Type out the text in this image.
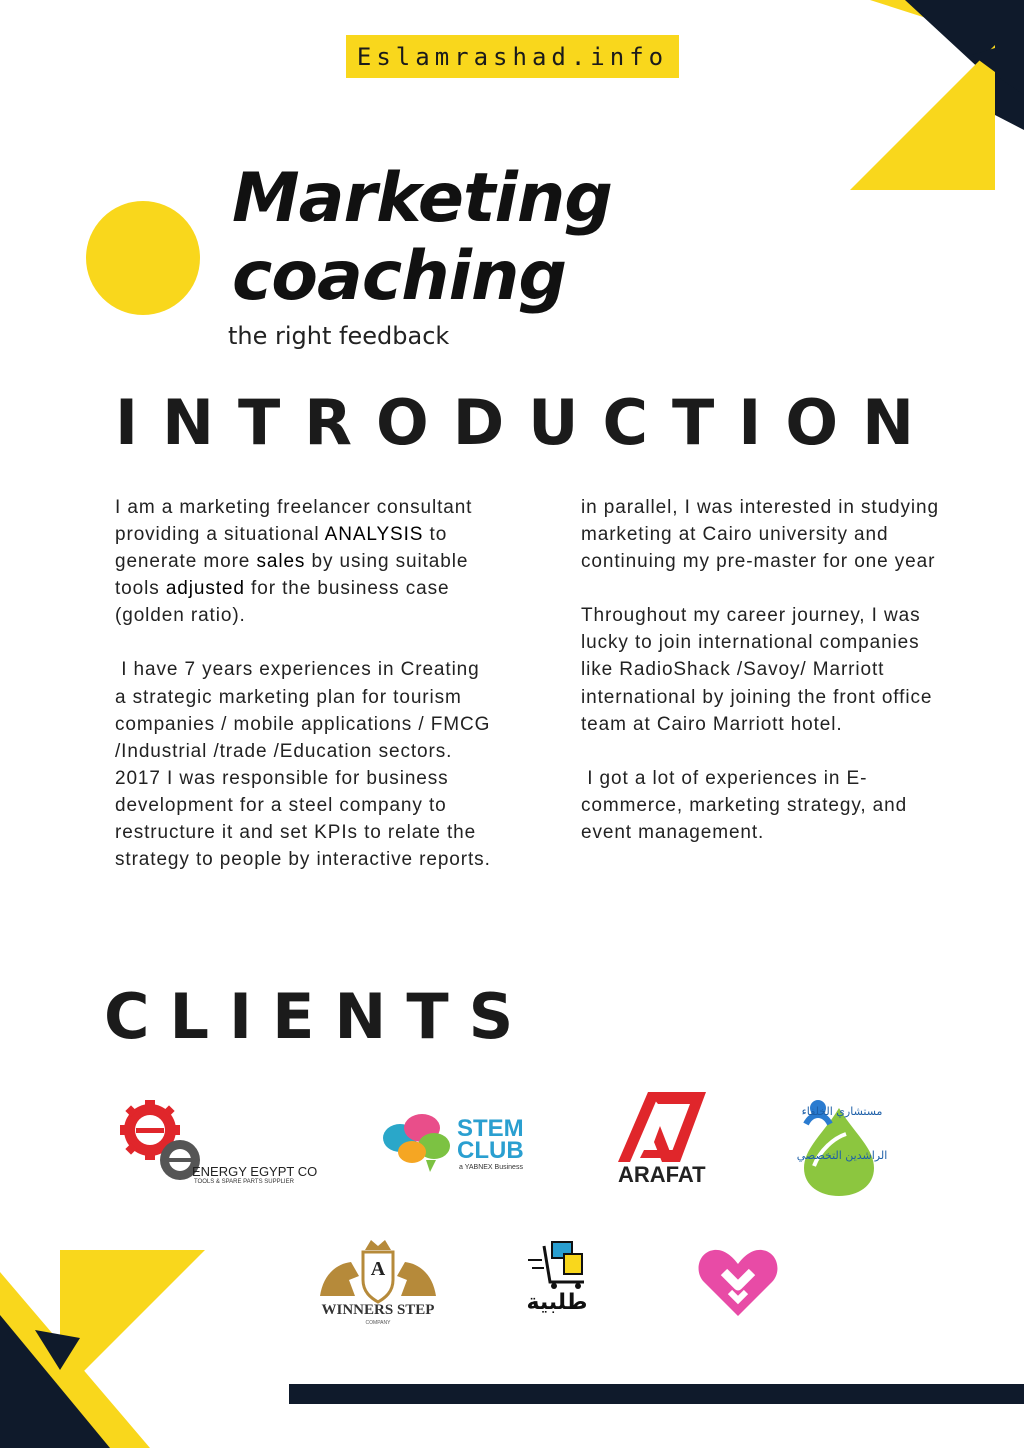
Eslamrashad.info
Marketing
coaching
the right feedback
INTRODUCTION

I am a marketing freelancer consultant  providing a situational ANALYSIS to generate more sales by using suitable tools adjusted for the business case (golden ratio).

I have 7 years experiences in Creating a strategic marketing plan for tourism companies / mobile applications / FMCG /Industrial /trade /Education sectors.
2017 I was responsible for business development for a steel company to restructure it and set KPIs to relate the strategy to people by interactive reports.

in parallel, I was interested in studying marketing at Cairo university and continuing my pre-master for one year

Throughout my career journey, I was lucky to join international companies like RadioShack /Savoy/ Marriott international by joining the front office team at Cairo Marriott hotel.

I got a lot of experiences in E-commerce, marketing strategy, and event management.

CLIENTS
ENERGY EGYPT CO
TOOLS & SPARE PARTS SUPPLIER
STEM
CLUB
a YABNEX Business	ARAFAT
مستشاري الخلفاء الراشدين التخصصي
A
WINNERS STEP
COMPANY
طلبية
